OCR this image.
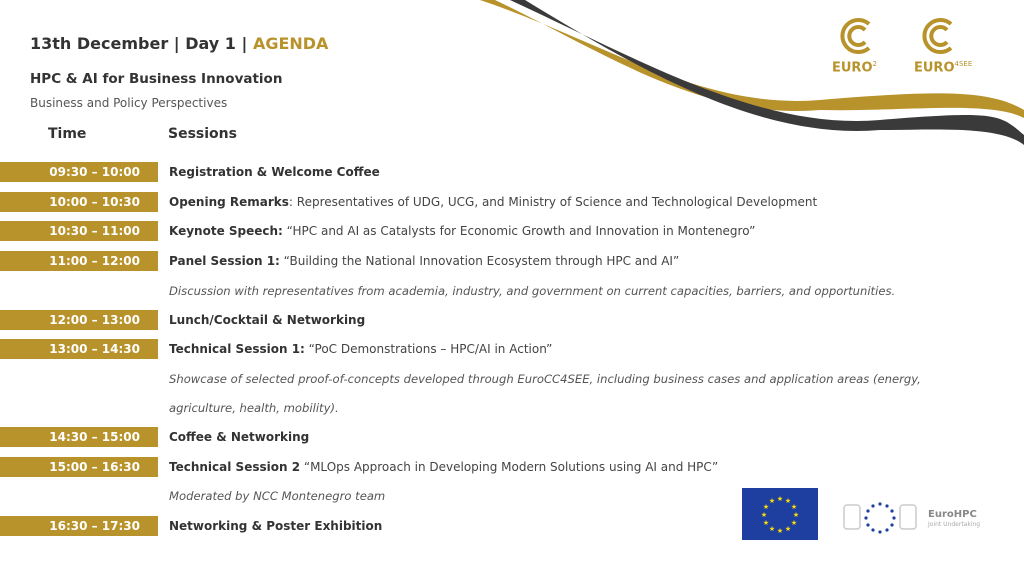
EURO$^2$	$EURO^{4SEE}$
13th December | Day 1 | AGENDA
HPC & AI for Business Innovation
Business and Policy Perspectives
Time	Sessions
09:30 – 10:00	Registration & Welcome Coffee
10:00 – 10:30	Opening Remarks: Representatives of UDG, UCG, and Ministry of Science and Technological Development
10:30 – 11:00	Keynote Speech: “HPC and AI as Catalysts for Economic Growth and Innovation in Montenegro”
11:00 – 12:00	Panel Session 1: “Building the National Innovation Ecosystem through HPC and AI”
Discussion with representatives from academia, industry, and government on current capacities, barriers, and opportunities.
12:00 – 13:00	Lunch/Cocktail & Networking
13:00 – 14:30	Technical Session 1: “PoC Demonstrations – HPC/AI in Action”
Showcase of selected proof-of-concepts developed through EuroCC4SEE, including business cases and application areas (energy,
agriculture, health, mobility).
14:30 – 15:00	Coffee & Networking
15:00 – 16:30	Technical Session 2 “MLOps Approach in Developing Modern Solutions using AI and HPC”
Moderated by NCC Montenegro team
16:30 – 17:30	Networking & Poster Exhibition
★ ★
★
★
★
★
★
★
★
★
★
★
EuroHPC
Joint Undertaking
